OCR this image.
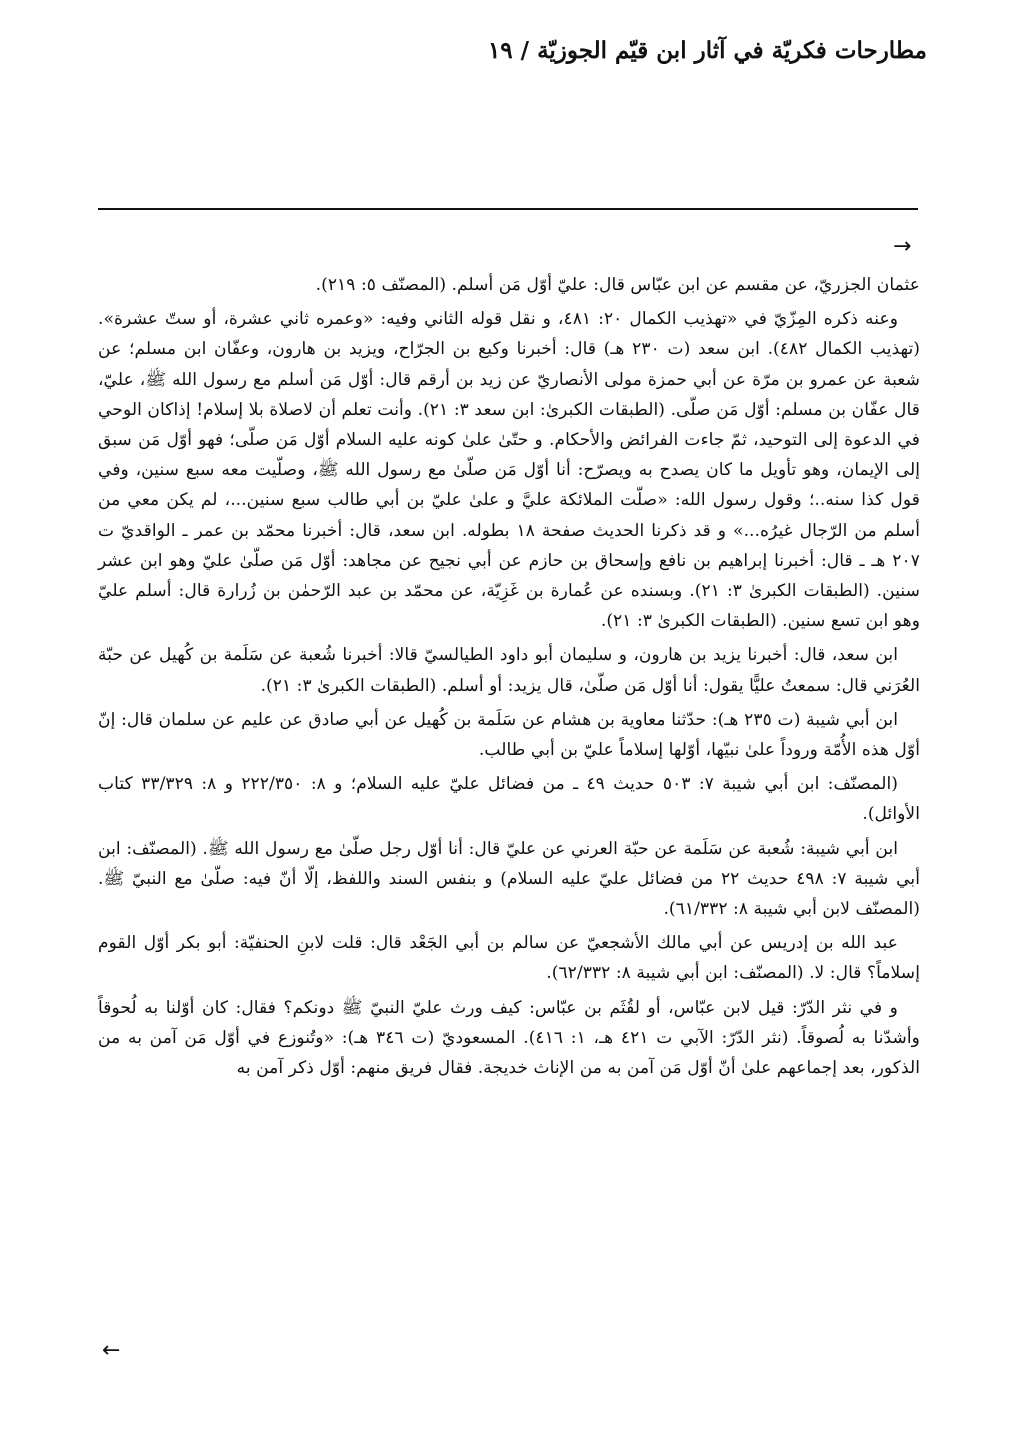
مطارحات فكريّة في آثار ابن قيّم الجوزيّة / ١٩
→

عثمان الجزريّ، عن مقسم عن ابن عبّاس قال: عليّ أوّل مَن أسلم. (المصنّف ٥: ٢١٩).

وعنه ذكره المِزّيّ في «تهذيب الكمال ٢٠: ٤٨١، و نقل قوله الثاني وفيه: «وعمره ثاني عشرة، أو ستّ عشرة». (تهذيب الكمال ٤٨٢). ابن سعد (ت ٢٣٠ هـ) قال: أخبرنا وكيع بن الجرّاح، ويزيد بن هارون، وعفّان ابن مسلم؛ عن شعبة عن عمرو بن مرّة عن أبي حمزة مولى الأنصاريّ عن زيد بن أرقم قال: أوّل مَن أسلم مع رسول الله ﷺ، عليّ، قال عفّان بن مسلم: أوّل مَن صلّى. (الطبقات الكبرىٰ: ابن سعد ٣: ٢١). وأنت تعلم أن لاصلاة بلا إسلام! إذاكان الوحي في الدعوة إلى التوحيد، ثمّ جاءت الفرائض والأحكام. و حتّىٰ علىٰ كونه عليه السلام أوّل مَن صلّى؛ فهو أوّل مَن سبق إلى الإيمان، وهو تأويل ما كان يصدح به ويصرّح: أنا أوّل مَن صلّىٰ مع رسول الله ﷺ، وصلّيت معه سبع سنين، وفي قول كذا سنه..؛ وقول رسول الله: «صلّت الملائكة عليَّ و علىٰ عليّ بن أبي طالب سبع سنين...، لم يكن معي من أسلم من الرّجال غيرُه...» و قد ذكرنا الحديث صفحة ١٨ بطوله. ابن سعد، قال: أخبرنا محمّد بن عمر ـ الواقديّ ت ٢٠٧ هـ ـ قال: أخبرنا إبراهيم بن نافع وإسحاق بن حازم عن أبي نجيح عن مجاهد: أوّل مَن صلّىٰ عليّ وهو ابن عشر سنين. (الطبقات الكبرىٰ ٣: ٢١). وبسنده عن عُمارة بن غَزِيّة، عن محمّد بن عبد الرّحمٰن بن زُرارة قال: أسلم عليّ وهو ابن تسع سنين. (الطبقات الكبرىٰ ٣: ٢١).

ابن سعد، قال: أخبرنا يزيد بن هارون، و سليمان أبو داود الطيالسيّ قالا: أخبرنا شُعبة عن سَلَمة بن كُهيل عن حبّة العُرَني قال: سمعتُ عليًّا يقول: أنا أوّل مَن صلّىٰ، قال يزيد: أو أسلم. (الطبقات الكبرىٰ ٣: ٢١).

ابن أبي شيبة (ت ٢٣٥ هـ): حدّثنا معاوية بن هشام عن سَلَمة بن كُهيل عن أبي صادق عن عليم عن سلمان قال: إنّ أوّل هذه الأُمّة وروداً علىٰ نبيّها، أوّلها إسلاماً عليّ بن أبي طالب.

(المصنّف: ابن أبي شيبة ٧: ٥٠٣ حديث ٤٩ ـ من فضائل عليّ عليه السلام؛ و ٨: ٢٢٢/٣٥٠ و ٨: ٣٣/٣٢٩ كتاب الأوائل).

ابن أبي شيبة: شُعبة عن سَلَمة عن حبّة العرني عن عليّ قال: أنا أوّل رجل صلّىٰ مع رسول الله ﷺ. (المصنّف: ابن أبي شيبة ٧: ٤٩٨ حديث ٢٢ من فضائل عليّ عليه السلام) و بنفس السند واللفظ، إلّا أنّ فيه: صلّىٰ مع النبيّ ﷺ. (المصنّف لابن أبي شيبة ٨: ٦١/٣٣٢).

عبد الله بن إدريس عن أبي مالك الأشجعيّ عن سالم بن أبي الجَعْد قال: قلت لابنِ الحنفيّة: أبو بكر أوّل القوم إسلاماً؟ قال: لا. (المصنّف: ابن أبي شيبة ٨: ٦٢/٣٣٢).

و في نثر الدّرّ: قيل لابن عبّاس، أو لقُثَم بن عبّاس: كيف ورث عليّ النبيّ ﷺ دونكم؟ فقال: كان أوّلنا به لُحوقاً وأشدّنا به لُصوقاً. (نثر الدّرّ: الآبي ت ٤٢١ هـ، ١: ٤١٦). المسعوديّ (ت ٣٤٦ هـ): «وتُنوزع في أوّل مَن آمن به من الذكور، بعد إجماعهم علىٰ أنّ أوّل مَن آمن به من الإناث خديجة. فقال فريق منهم: أوّل ذكر آمن به

←
